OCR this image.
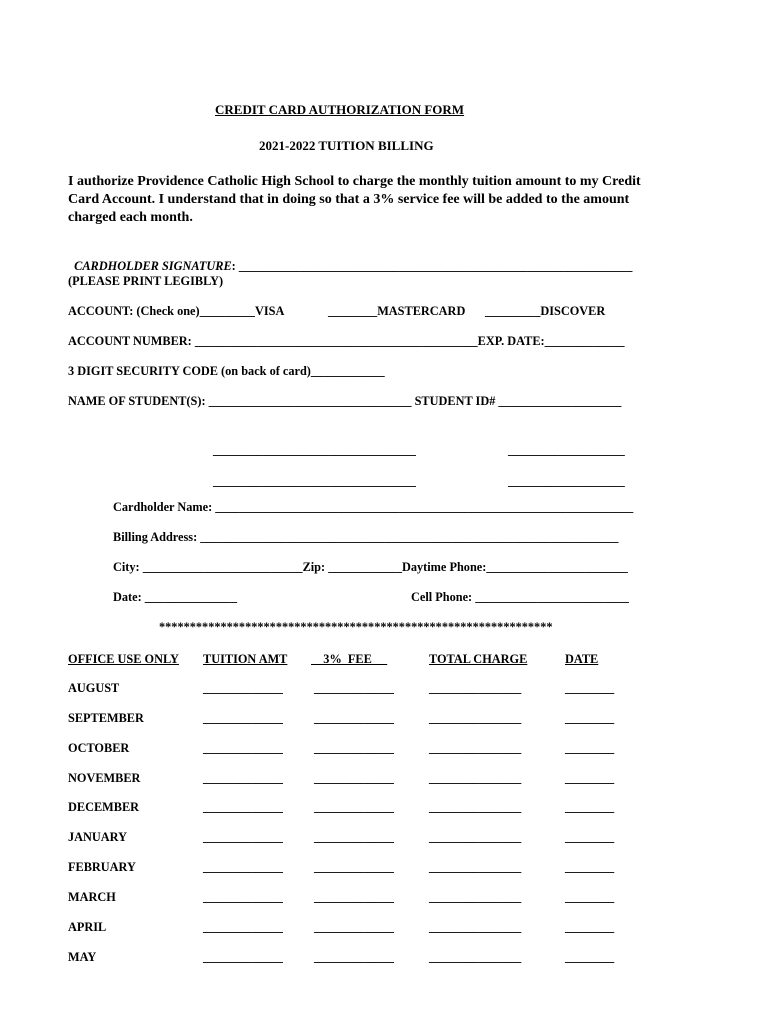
CREDIT CARD AUTHORIZATION FORM
2021-2022 TUITION BILLING
I authorize Providence Catholic High School to charge the monthly tuition amount to my Credit Card Account. I understand that in doing so that a 3% service fee will be added to the amount charged each month.

CARDHOLDER SIGNATURE: ________________________________________________________________

(PLEASE PRINT LEGIBLY)
ACCOUNT: (Check one)_________VISA	________MASTERCARD _________DISCOVER
ACCOUNT NUMBER: ______________________________________________EXP. DATE:_____________
3 DIGIT SECURITY CODE (on back of card)____________
NAME OF STUDENT(S): _________________________________ STUDENT ID# ____________________
_________________________________	___________________
_________________________________	___________________
Cardholder Name: ____________________________________________________________________
Billing Address: ____________________________________________________________________
City: __________________________Zip: ____________Daytime Phone:_______________________
Date: _______________	Cell Phone: _________________________
****************************************************************
OFFICE USE ONLY TUITION AMT 3%  FEE	TOTAL CHARGE	DATE
AUGUST	_____________	_____________	_______________	________
SEPTEMBER	_____________	_____________	_______________	________
OCTOBER	_____________	_____________	_______________	________
NOVEMBER	_____________	_____________	_______________	________
DECEMBER	_____________	_____________	_______________	________
JANUARY	_____________	_____________	_______________	________
FEBRUARY	_____________	_____________	_______________	________
MARCH	_____________	_____________	_______________	________
APRIL	_____________	_____________	_______________	________
MAY	_____________	_____________	_______________	________
